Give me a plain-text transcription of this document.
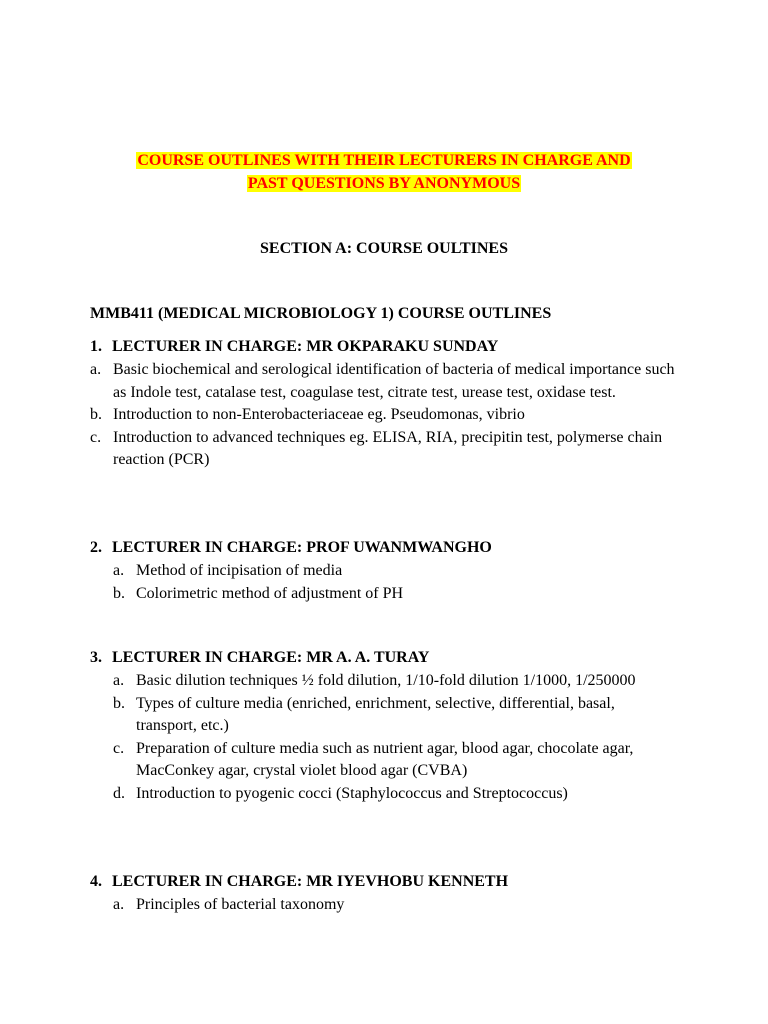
COURSE OUTLINES WITH THEIR LECTURERS IN CHARGE AND
PAST QUESTIONS BY ANONYMOUS
SECTION A: COURSE OULTINES
MMB411 (MEDICAL MICROBIOLOGY 1) COURSE OUTLINES
1. LECTURER IN CHARGE: MR OKPARAKU SUNDAY
a. Basic biochemical and serological identification of bacteria of medical importance such as Indole test, catalase test, coagulase test, citrate test, urease test, oxidase test.
b. Introduction to non-Enterobacteriaceae eg. Pseudomonas, vibrio
c. Introduction to advanced techniques eg. ELISA, RIA, precipitin test, polymerse chain reaction (PCR)
2. LECTURER IN CHARGE: PROF UWANMWANGHO
a. Method of incipisation of media
b. Colorimetric method of adjustment of PH
3. LECTURER IN CHARGE: MR A. A. TURAY
a. Basic dilution techniques ½ fold dilution, 1/10-fold dilution 1/1000, 1/250000
b. Types of culture media (enriched, enrichment, selective, differential, basal, transport, etc.)
c. Preparation of culture media such as nutrient agar, blood agar, chocolate agar, MacConkey agar, crystal violet blood agar (CVBA)
d. Introduction to pyogenic cocci (Staphylococcus and Streptococcus)
4. LECTURER IN CHARGE: MR IYEVHOBU KENNETH
a. Principles of bacterial taxonomy
